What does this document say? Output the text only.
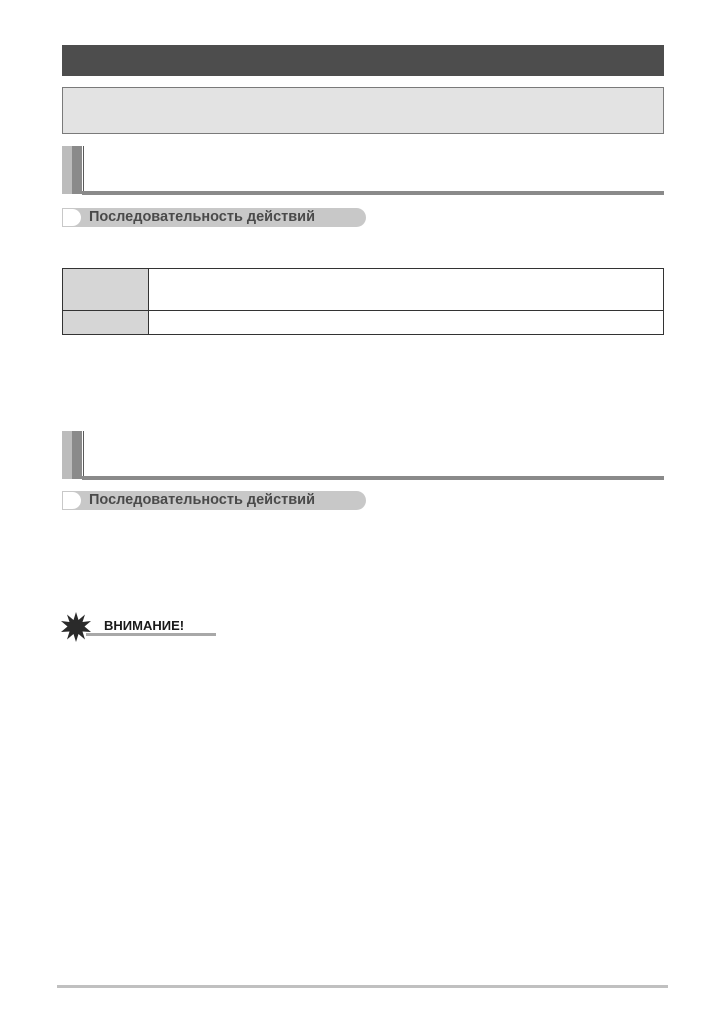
Последовательность действий

Последовательность действий
ВНИМАНИЕ!
